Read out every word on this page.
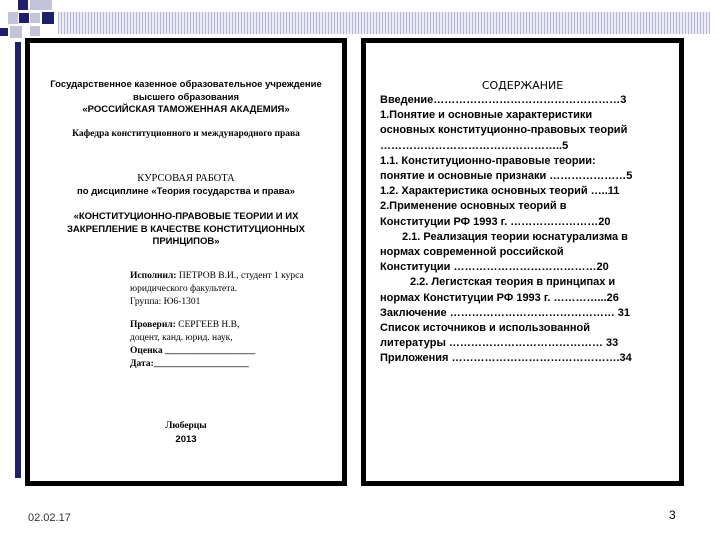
Государственное казенное образовательное учреждение
высшего образования
«РОССИЙСКАЯ ТАМОЖЕННАЯ АКАДЕМИЯ»
Кафедра конституционного и международного права
КУРСОВАЯ РАБОТА
по дисциплине «Теория государства и права»
«КОНСТИТУЦИОННО-ПРАВОВЫЕ ТЕОРИИ И ИХ
ЗАКРЕПЛЕНИЕ В КАЧЕСТВЕ КОНСТИТУЦИОННЫХ
ПРИНЦИПОВ»
Исполнил: ПЕТРОВ В.И., студент 1 курса
юридического факультета.
Группа: Ю6-1301
Проверил: СЕРГЕЕВ Н.В,
доцент, канд. юрид. наук,
Оценка ___________________
Дата:____________________
Люберцы
2013
СОДЕРЖАНИЕ
Введение……………………………………………3
1.Понятие и основные характеристики
основных конституционно-правовых теорий
…………………………………………..5
1.1. Конституционно-правовые теории:
понятие и основные признаки …………………5
1.2. Характеристика основных теорий …..11
2.Применение основных теорий в
Конституции РФ 1993 г. ……………………20
2.1. Реализация теории юснатурализма в
нормах современной российской
Конституции …………………………………20
2.2. Легистская теория в принципах и
нормах Конституции РФ 1993 г. …………...26
Заключение ……………………………………… 31
Список источников и использованной
литературы …………………………………… 33
Приложения ……………………………………….34
02.02.17	3
